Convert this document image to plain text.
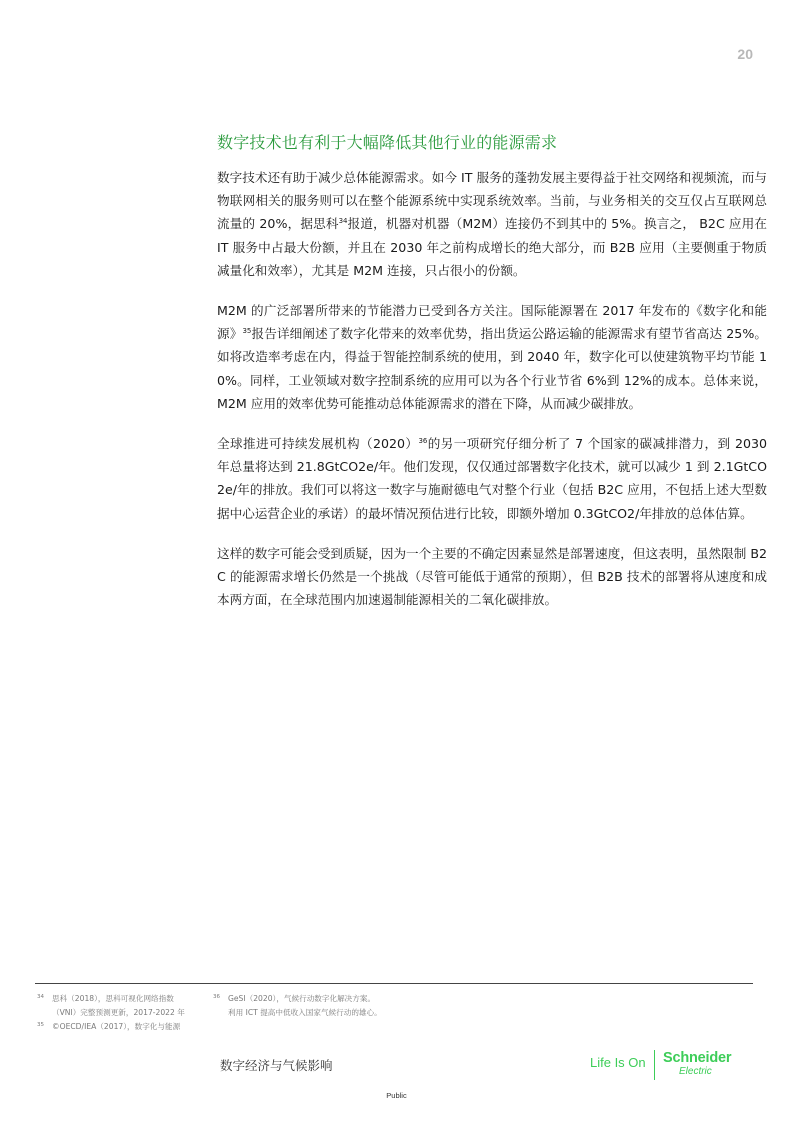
20
数字技术也有利于大幅降低其他行业的能源需求

数字技术还有助于减少总体能源需求。如今 IT 服务的蓬勃发展主要得益于社交网络和视频流，而与物联网相关的服务则可以在整个能源系统中实现系统效率。当前，与业务相关的交互仅占互联网总流量的 20%，据思科$^{34}$报道，机器对机器（M2M）连接仍不到其中的 5%。换言之， B2C 应用在 IT 服务中占最大份额，并且在 2030 年之前构成增长的绝大部分，而 B2B 应用（主要侧重于物质减量化和效率），尤其是 M2M 连接，只占很小的份额。

M2M 的广泛部署所带来的节能潜力已受到各方关注。国际能源署在 2017 年发布的《数字化和能源》$^{35}$报告详细阐述了数字化带来的效率优势，指出货运公路运输的能源需求有望节省高达 25%。如将改造率考虑在内，得益于智能控制系统的使用，到 2040 年，数字化可以使建筑物平均节能 10%。同样，工业领域对数字控制系统的应用可以为各个行业节省 6%到 12%的成本。总体来说，M2M 应用的效率优势可能推动总体能源需求的潜在下降，从而减少碳排放。

全球推进可持续发展机构$(2020)^{36}$的另一项研究仔细分析了 7 个国家的碳减排潜力，到 2030 年总量将达到 21.8GtCO2e/年。他们发现，仅仅通过部署数字化技术，就可以减少 1 到 2.1GtCO2e/年的排放。我们可以将这一数字与施耐德电气对整个行业（包括 B2C 应用，不包括上述大型数据中心运营企业的承诺）的最坏情况预估进行比较，即额外增加 0.3GtCO2/年排放的总体估算。

这样的数字可能会受到质疑，因为一个主要的不确定因素显然是部署速度，但这表明，虽然限制 B2C 的能源需求增长仍然是一个挑战（尽管可能低于通常的预期），但 B2B 技术的部署将从速度和成本两方面，在全球范围内加速遏制能源相关的二氧化碳排放。

34 思科（2018），思科可视化网络指数
（VNI）完整预测更新，2017-2022 年
35 ©OECD/IEA（2017），数字化与能源
36 GeSI（2020），气候行动数字化解决方案。
利用 ICT 提高中低收入国家气候行动的雄心。
数字经济与气候影响	Life Is On Schneider
Electric
Public
